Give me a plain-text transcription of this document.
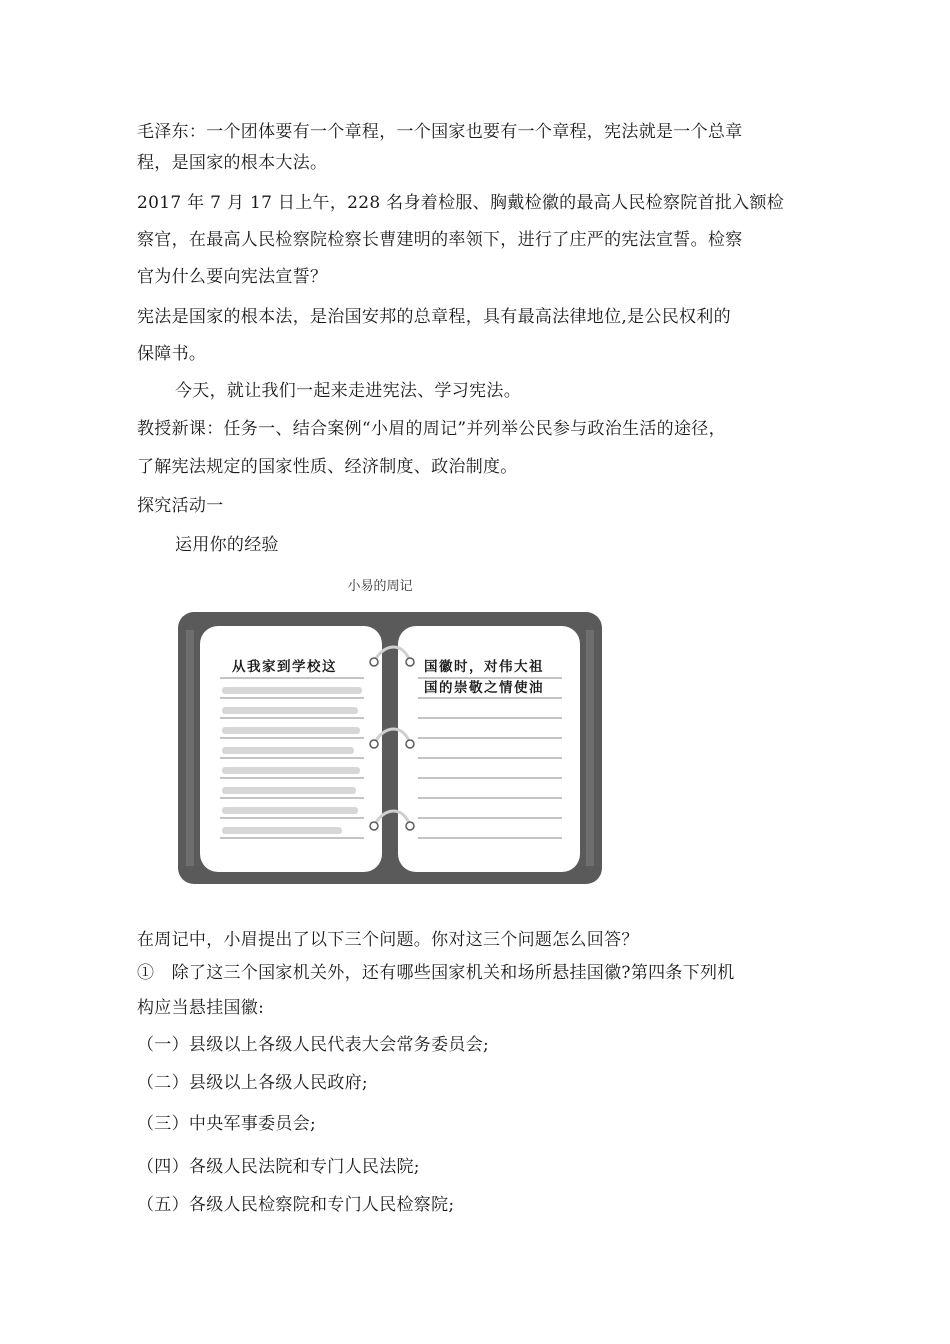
毛泽东：一个团体要有一个章程，一个国家也要有一个章程，宪法就是一个总章
程，是国家的根本大法。
2017 年 7 月 17 日上午，228 名身着检服、胸戴检徽的最高人民检察院首批入额检
察官，在最高人民检察院检察长曹建明的率领下，进行了庄严的宪法宣誓。检察
官为什么要向宪法宣誓？
宪法是国家的根本法，是治国安邦的总章程，具有最高法律地位,是公民权利的
保障书。
今天，就让我们一起来走进宪法、学习宪法。
教授新课：任务一、结合案例“小眉的周记”并列举公民参与政治生活的途径，
了解宪法规定的国家性质、经济制度、政治制度。
探究活动一
运用你的经验
小易的周记
从我家到学校这	国徽时，对伟大祖
国的崇敬之情使油
在周记中，小眉提出了以下三个问题。你对这三个问题怎么回答？
①　除了这三个国家机关外，还有哪些国家机关和场所悬挂国徽?第四条下列机
构应当悬挂国徽:
（一）县级以上各级人民代表大会常务委员会;
（二）县级以上各级人民政府;
（三）中央军事委员会;
（四）各级人民法院和专门人民法院;
（五）各级人民检察院和专门人民检察院;
